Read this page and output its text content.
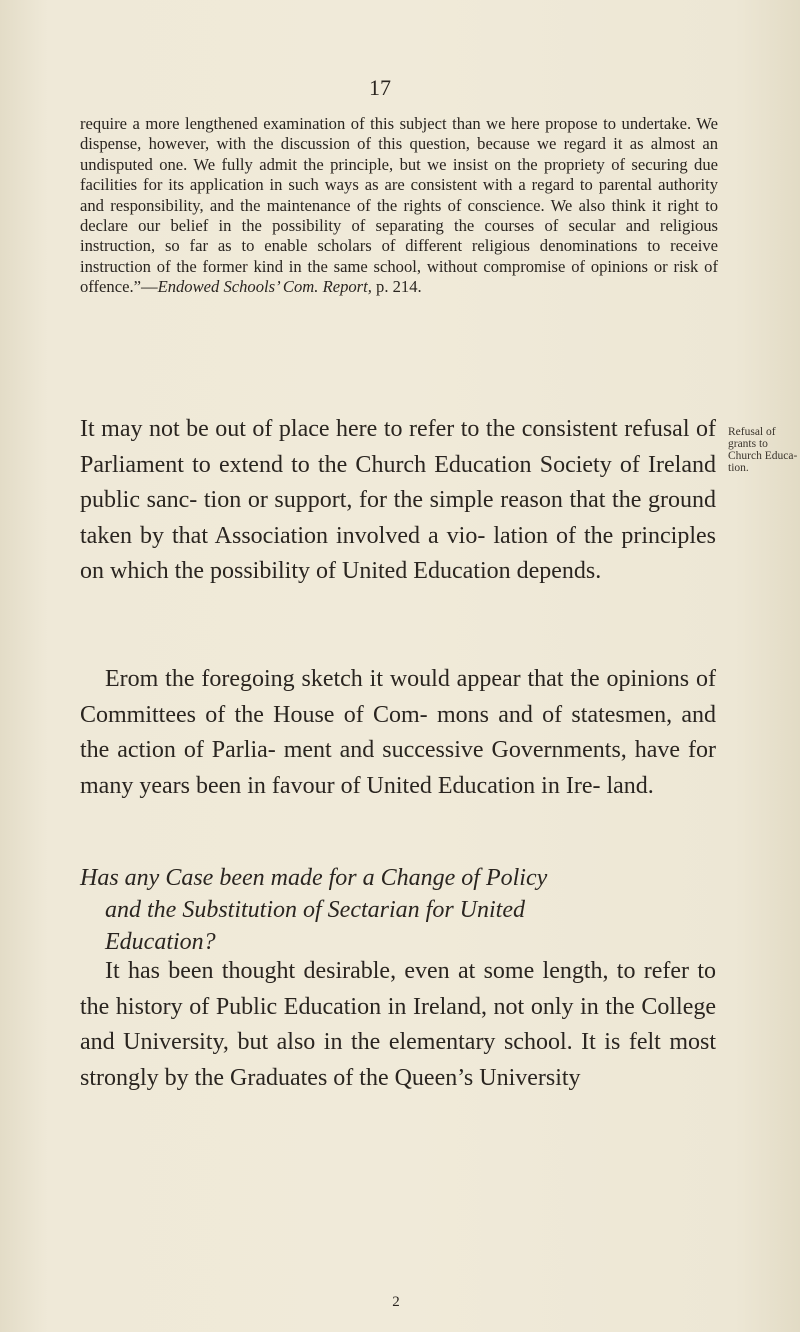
17
require a more lengthened examination of this subject than we here propose to undertake. We dispense, however, with the discussion of this question, because we regard it as almost an undisputed one. We fully admit the principle, but we insist on the propriety of securing due facilities for its application in such ways as are consistent with a regard to parental authority and responsibility, and the maintenance of the rights of conscience. We also think it right to declare our belief in the possibility of separating the courses of secular and religious instruction, so far as to enable scholars of different religious denominations to receive instruction of the former kind in the same school, without compromise of opinions or risk of offence.”—Endowed Schools’ Com. Report, p. 214.
It may not be out of place here to refer to the consistent refusal of Parliament to extend to the Church Education Society of Ireland public sanc- tion or support, for the simple reason that the ground taken by that Association involved a vio- lation of the principles on which the possibility of United Education depends.
Refusal of grants to Church Educa- tion.
Erom the foregoing sketch it would appear that the opinions of Committees of the House of Com- mons and of statesmen, and the action of Parlia- ment and successive Governments, have for many years been in favour of United Education in Ire- land.
Has any Case been made for a Change of Policy
and the Substitution of Sectarian for United
Education?
It has been thought desirable, even at some length, to refer to the history of Public Education in Ireland, not only in the College and University, but also in the elementary school. It is felt most strongly by the Graduates of the Queen’s University
2
